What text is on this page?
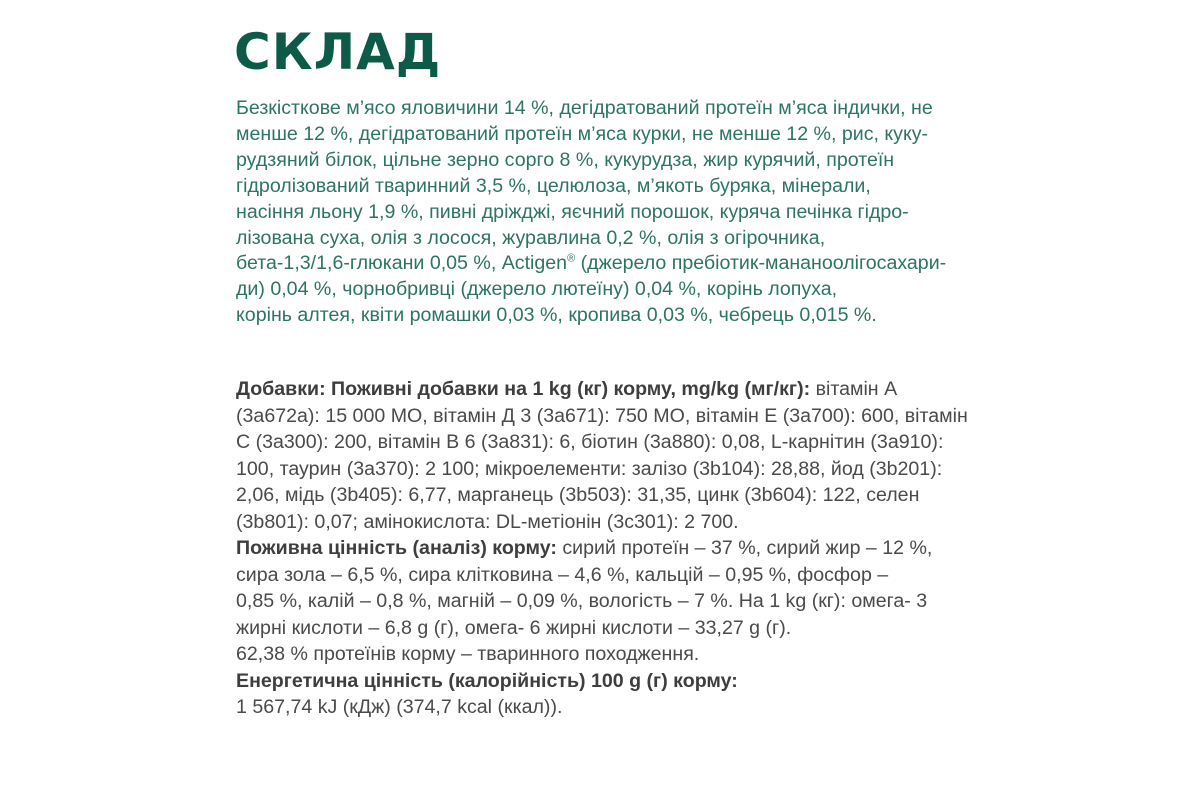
СКЛАД
Безкісткове м’ясо яловичини 14 %, дегідратований протеїн м’яса індички, не
менше 12 %, дегідратований протеїн м’яса курки, не менше 12 %, рис, куку-
рудзяний білок, цільне зерно сорго 8 %, кукурудза, жир курячий, протеїн
гідролізований тваринний 3,5 %, целюлоза, м’якоть буряка, мінерали,
насіння льону 1,9 %, пивні дріжджі, яєчний порошок, куряча печінка гідро-
лізована суха, олія з лосося, журавлина 0,2 %, олія з огірочника,
бета-1,3/1,6-глюкани 0,05 %, Actigen® (джерело пребіотик-мананоолігосахари-
ди) 0,04 %, чорнобривці (джерело лютеїну) 0,04 %, корінь лопуха,
корінь алтея, квіти ромашки 0,03 %, кропива 0,03 %, чебрець 0,015 %.
Добавки: Поживні добавки на 1 kg (кг) корму, mg/kg (мг/кг): вітамін А
(3а672а): 15 000 МО, вітамін Д 3 (3а671): 750 МО, вітамін Е (3а700): 600, вітамін
С (3а300): 200, вітамін В 6 (3а831): 6, біотин (3а880): 0,08, L-карнітин (3а910):
100, таурин (3а370): 2 100; мікроелементи: залізо (3b104): 28,88, йод (3b201):
2,06, мідь (3b405): 6,77, марганець (3b503): 31,35, цинк (3b604): 122, селен
(3b801): 0,07; амінокислота: DL-метіонін (3c301): 2 700.
Поживна цінність (аналіз) корму: сирий протеїн – 37 %, сирий жир – 12 %,
сира зола – 6,5 %, сира клітковина – 4,6 %, кальцій – 0,95 %, фосфор –
0,85 %, калій – 0,8 %, магній – 0,09 %, вологість – 7 %. На 1 kg (кг): омега- 3
жирні кислоти – 6,8 g (г), омега- 6 жирні кислоти – 33,27 g (г).
62,38 % протеїнів корму – тваринного походження.
Енергетична цінність (калорійність) 100 g (г) корму:
1 567,74 kJ (кДж) (374,7 kcal (ккал)).
